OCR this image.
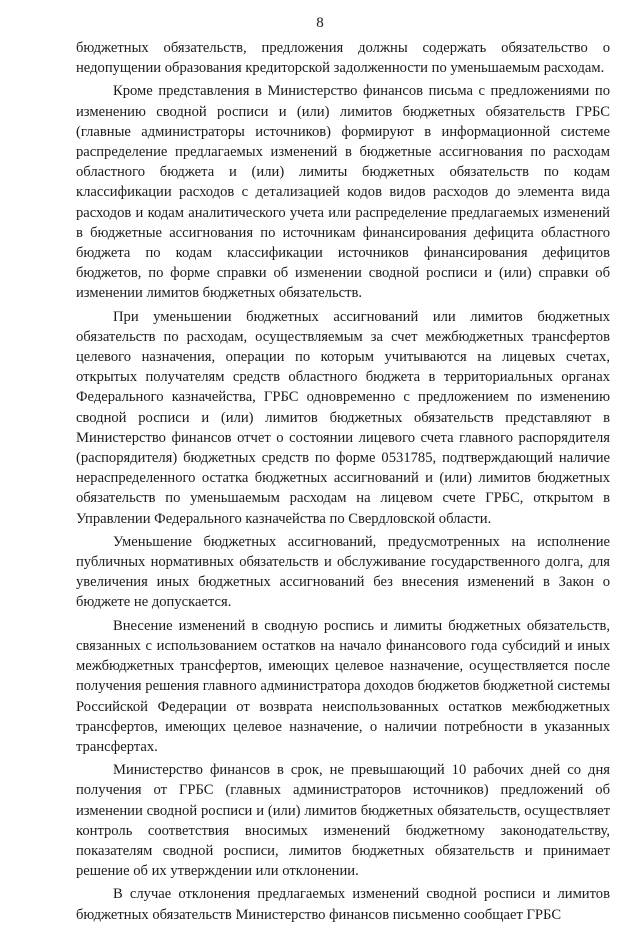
8

бюджетных обязательств, предложения должны содержать обязательство о недопущении образования кредиторской задолженности по уменьшаемым расходам.

Кроме представления в Министерство финансов письма с предложениями по изменению сводной росписи и (или) лимитов бюджетных обязательств ГРБС (главные администраторы источников) формируют в информационной системе распределение предлагаемых изменений в бюджетные ассигнования по расходам областного бюджета и (или) лимиты бюджетных обязательств по кодам классификации расходов с детализацией кодов видов расходов до элемента вида расходов и кодам аналитического учета или распределение предлагаемых изменений в бюджетные ассигнования по источникам финансирования дефицита областного бюджета по кодам классификации источников финансирования дефицитов бюджетов, по форме справки об изменении сводной росписи и (или) справки об изменении лимитов бюджетных обязательств.

При уменьшении бюджетных ассигнований или лимитов бюджетных обязательств по расходам, осуществляемым за счет межбюджетных трансфертов целевого назначения, операции по которым учитываются на лицевых счетах, открытых получателям средств областного бюджета в территориальных органах Федерального казначейства, ГРБС одновременно с предложением по изменению сводной росписи и (или) лимитов бюджетных обязательств представляют в Министерство финансов отчет о состоянии лицевого счета главного распорядителя (распорядителя) бюджетных средств по форме 0531785, подтверждающий наличие нераспределенного остатка бюджетных ассигнований и (или) лимитов бюджетных обязательств по уменьшаемым расходам на лицевом счете ГРБС, открытом в Управлении Федерального казначейства по Свердловской области.

Уменьшение бюджетных ассигнований, предусмотренных на исполнение публичных нормативных обязательств и обслуживание государственного долга, для увеличения иных бюджетных ассигнований без внесения изменений в Закон о бюджете не допускается.

Внесение изменений в сводную роспись и лимиты бюджетных обязательств, связанных с использованием остатков на начало финансового года субсидий и иных межбюджетных трансфертов, имеющих целевое назначение, осуществляется после получения решения главного администратора доходов бюджетов бюджетной системы Российской Федерации от возврата неиспользованных остатков межбюджетных трансфертов, имеющих целевое назначение, о наличии потребности в указанных трансфертах.

Министерство финансов в срок, не превышающий 10 рабочих дней со дня получения от ГРБС (главных администраторов источников) предложений об изменении сводной росписи и (или) лимитов бюджетных обязательств, осуществляет контроль соответствия вносимых изменений бюджетному законодательству, показателям сводной росписи, лимитов бюджетных обязательств и принимает решение об их утверждении или отклонении.

В случае отклонения предлагаемых изменений сводной росписи и лимитов бюджетных обязательств Министерство финансов письменно сообщает ГРБС
